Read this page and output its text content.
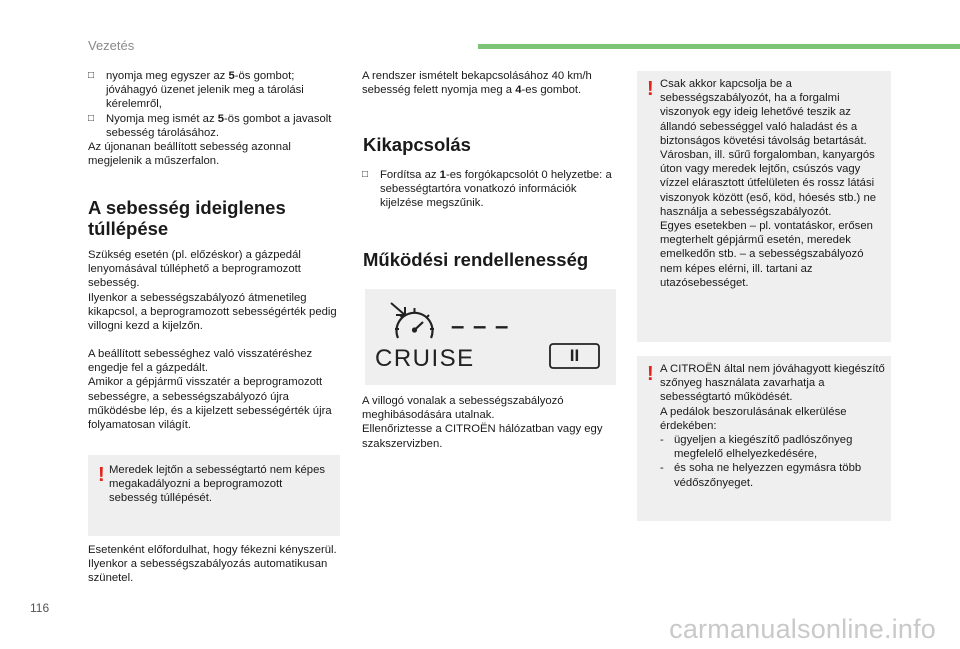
Vezetés
□ nyomja meg egyszer az 5-ös gombot; jóváhagyó üzenet jelenik meg a tárolási kérelemről,
□ Nyomja meg ismét az 5-ös gombot a javasolt sebesség tárolásához.

Az újonanan beállított sebesség azonnal megjelenik a műszerfalon.

A sebesség ideiglenes
túllépése

Szükség esetén (pl. előzéskor) a gázpedál lenyomásával túlléphető a beprogramozott sebesség.

Ilyenkor a sebességszabályozó átmenetileg kikapcsol, a beprogramozott sebességérték pedig villogni kezd a kijelzőn.

A beállított sebességhez való visszatéréshez engedje fel a gázpedált.

Amikor a gépjármű visszatér a beprogramozott sebességre, a sebességszabályozó újra működésbe lép, és a kijelzett sebességérték újra folyamatosan világít.

! Meredek lejtőn a sebességtartó nem képes megakadályozni a beprogramozott sebesség túllépését.
Esetenként előfordulhat, hogy fékezni kényszerül. Ilyenkor a sebességszabályozás automatikusan szünetel.
A rendszer ismételt bekapcsolásához 40 km/h sebesség felett nyomja meg a 4-es gombot.
Kikapcsolás
□ Fordítsa az 1-es forgókapcsolót 0 helyzetbe: a sebességtartóra vonatkozó információk kijelzése megszűnik.
Működési rendellenesség
– – –
CRUISE	II

A villogó vonalak a sebességszabályozó meghibásodására utalnak.

Ellenőriztesse a CITROËN hálózatban vagy egy szakszervizben.

! Csak akkor kapcsolja be a sebességszabályozót, ha a forgalmi viszonyok egy ideig lehetővé teszik az állandó sebességgel való haladást és a biztonságos követési távolság betartását.

Városban, ill. sűrű forgalomban, kanyargós úton vagy meredek lejtőn, csúszós vagy vízzel elárasztott útfelületen és rossz látási viszonyok között (eső, köd, hóesés stb.) ne használja a sebességszabályozót.

Egyes esetekben – pl. vontatáskor, erősen megterhelt gépjármű esetén, meredek emelkedőn stb. – a sebességszabályozó nem képes elérni, ill. tartani az utazósebességet.

! A CITROËN által nem jóváhagyott kiegészítő szőnyeg használata zavarhatja a sebességtartó működését.

A pedálok beszorulásának elkerülése érdekében:

- ügyeljen a kiegészítő padlószőnyeg megfelelő elhelyezkedésére,
- és soha ne helyezzen egymásra több védőszőnyeget.
116
carmanualsonline.info
